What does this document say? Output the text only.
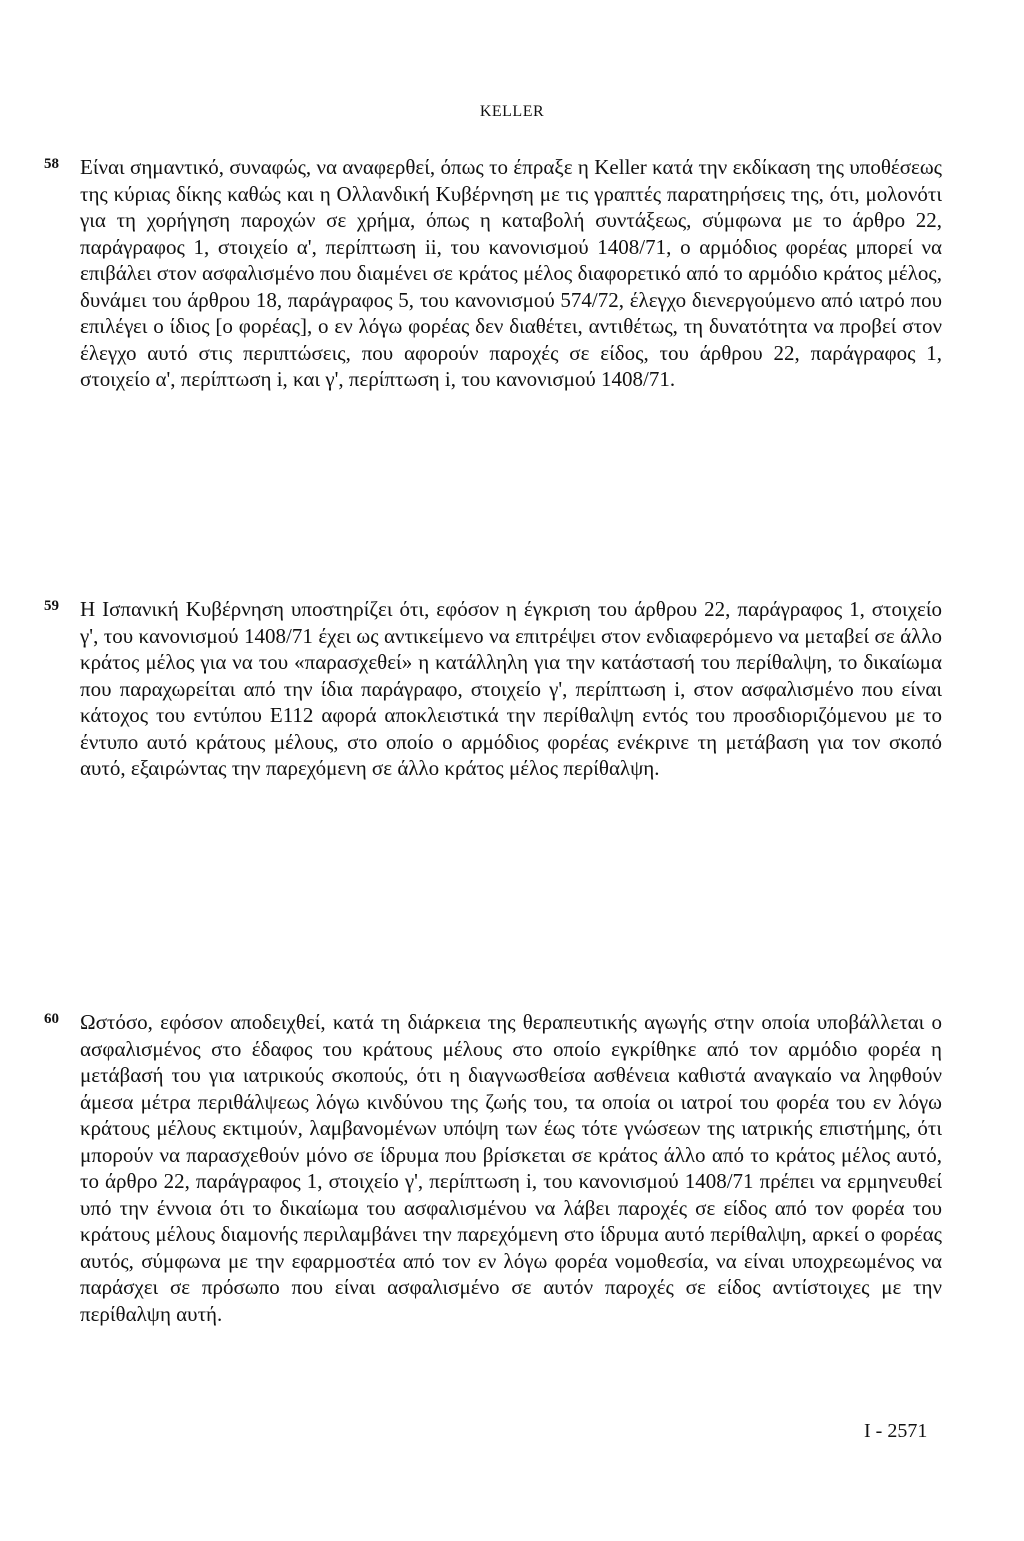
KELLER
58 Είναι σημαντικό, συναφώς, να αναφερθεί, όπως το έπραξε η Keller κατά την εκδίκαση της υποθέσεως της κύριας δίκης καθώς και η Ολλανδική Κυβέρνηση με τις γραπτές παρατηρήσεις της, ότι, μολονότι για τη χορήγηση παροχών σε χρήμα, όπως η καταβολή συντάξεως, σύμφωνα με το άρθρο 22, παράγραφος 1, στοιχείο α', περίπτωση ii, του κανονισμού 1408/71, ο αρμόδιος φορέας μπορεί να επιβάλει στον ασφαλισμένο που διαμένει σε κράτος μέλος διαφορετικό από το αρμόδιο κράτος μέλος, δυνάμει του άρθρου 18, παράγραφος 5, του κανονισμού 574/72, έλεγχο διενεργούμενο από ιατρό που επιλέγει ο ίδιος [ο φορέας], ο εν λόγω φορέας δεν διαθέτει, αντιθέτως, τη δυνατότητα να προβεί στον έλεγχο αυτό στις περιπτώσεις, που αφορούν παροχές σε είδος, του άρθρου 22, παράγραφος 1, στοιχείο α', περίπτωση i, και γ', περίπτωση i, του κανονισμού 1408/71.

59 Η Ισπανική Κυβέρνηση υποστηρίζει ότι, εφόσον η έγκριση του άρθρου 22, παράγραφος 1, στοιχείο γ', του κανονισμού 1408/71 έχει ως αντικείμενο να επιτρέψει στον ενδιαφερόμενο να μεταβεί σε άλλο κράτος μέλος για να του «παρασχεθεί» η κατάλληλη για την κατάστασή του περίθαλψη, το δικαίωμα που παραχωρείται από την ίδια παράγραφο, στοιχείο γ', περίπτωση i, στον ασφαλισμένο που είναι κάτοχος του εντύπου Ε112 αφορά αποκλειστικά την περίθαλψη εντός του προσδιοριζόμενου με το έντυπο αυτό κράτους μέλους, στο οποίο ο αρμόδιος φορέας ενέκρινε τη μετάβαση για τον σκοπό αυτό, εξαιρώντας την παρεχόμενη σε άλλο κράτος μέλος περίθαλψη.

60 Ωστόσο, εφόσον αποδειχθεί, κατά τη διάρκεια της θεραπευτικής αγωγής στην οποία υποβάλλεται ο ασφαλισμένος στο έδαφος του κράτους μέλους στο οποίο εγκρίθηκε από τον αρμόδιο φορέα η μετάβασή του για ιατρικούς σκοπούς, ότι η διαγνωσθείσα ασθένεια καθιστά αναγκαίο να ληφθούν άμεσα μέτρα περιθάλψεως λόγω κινδύνου της ζωής του, τα οποία οι ιατροί του φορέα του εν λόγω κράτους μέλους εκτιμούν, λαμβανομένων υπόψη των έως τότε γνώσεων της ιατρικής επιστήμης, ότι μπορούν να παρασχεθούν μόνο σε ίδρυμα που βρίσκεται σε κράτος άλλο από το κράτος μέλος αυτό, το άρθρο 22, παράγραφος 1, στοιχείο γ', περίπτωση i, του κανονισμού 1408/71 πρέπει να ερμηνευθεί υπό την έννοια ότι το δικαίωμα του ασφαλισμένου να λάβει παροχές σε είδος από τον φορέα του κράτους μέλους διαμονής περιλαμβάνει την παρεχόμενη στο ίδρυμα αυτό περίθαλψη, αρκεί ο φορέας αυτός, σύμφωνα με την εφαρμοστέα από τον εν λόγω φορέα νομοθεσία, να είναι υποχρεωμένος να παράσχει σε πρόσωπο που είναι ασφαλισμένο σε αυτόν παροχές σε είδος αντίστοιχες με την περίθαλψη αυτή.

I - 2571
